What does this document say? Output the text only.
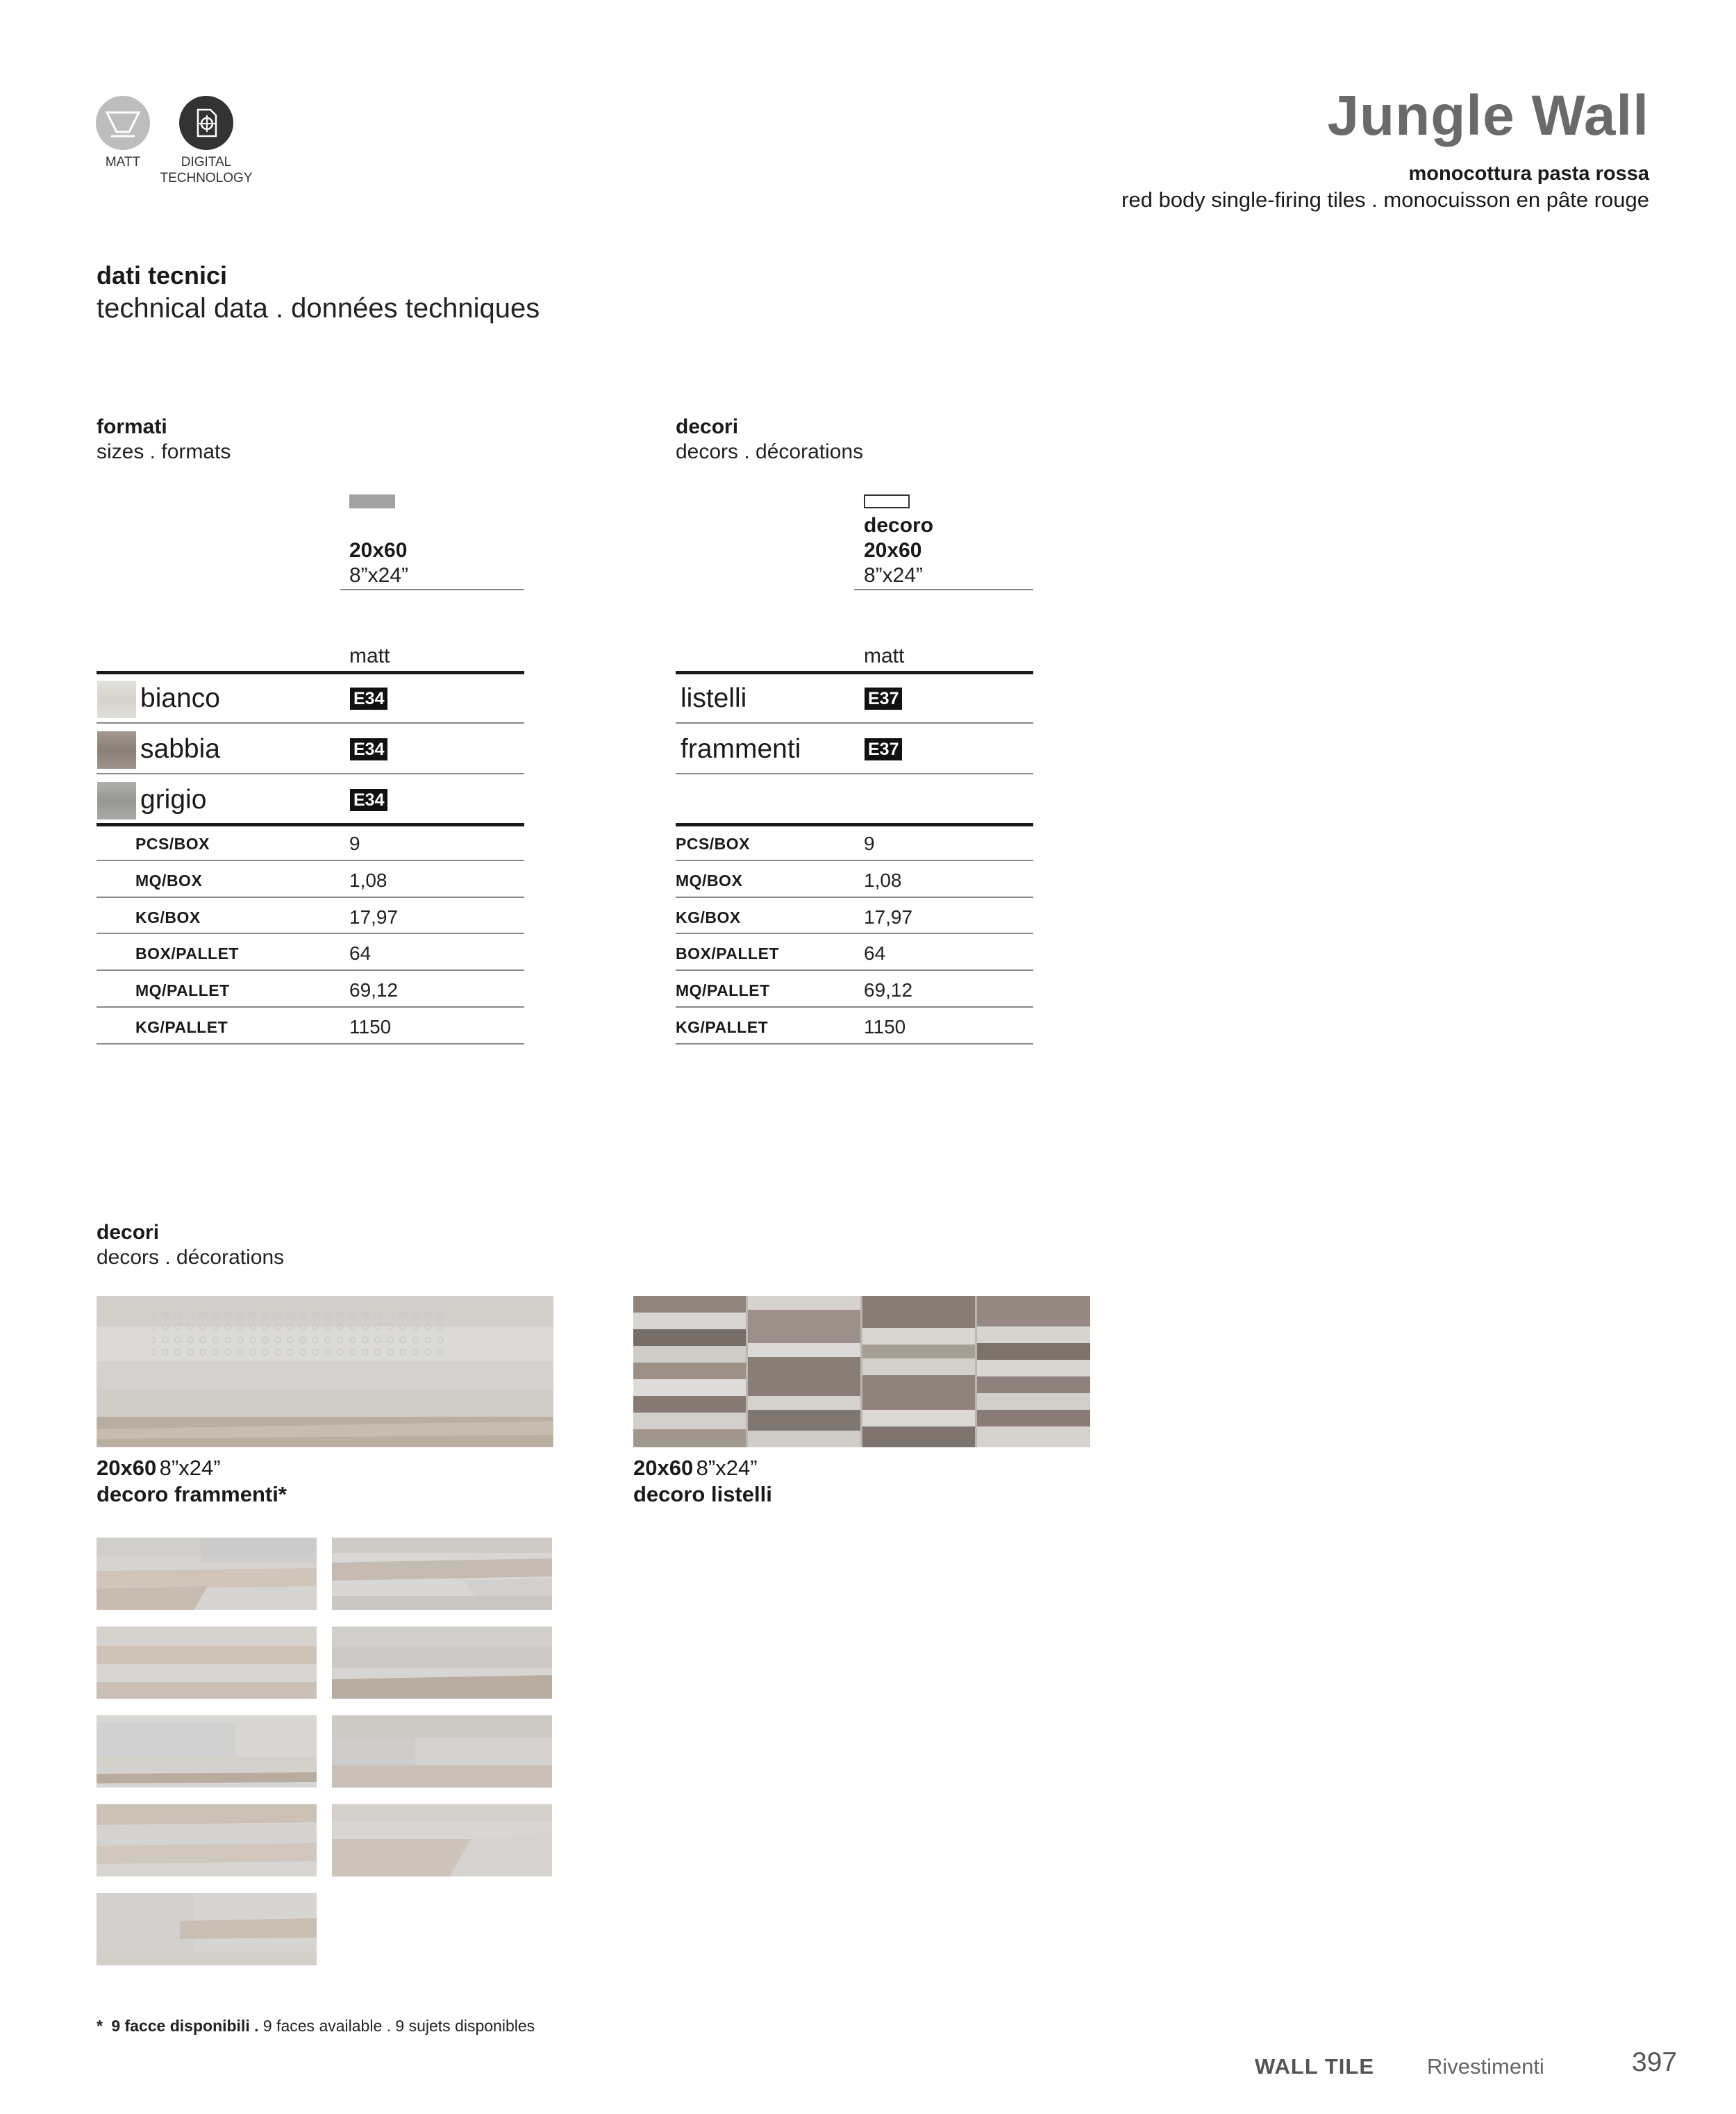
MATT	DIGITAL
TECHNOLOGY
Jungle Wall
monocottura pasta rossa
red body single-firing tiles . monocuisson en pâte rouge
dati tecnici
technical data . données techniques
formati
sizes . formats
20x60
8”x24”
matt
bianco	E34
sabbia	E34
grigio	E34
PCS/BOX	9
MQ/BOX	1,08
KG/BOX	17,97
BOX/PALLET	64
MQ/PALLET	69,12
KG/PALLET	1150
decori
decors . décorations
decoro
20x60
8”x24”
matt
listelli	E37
frammenti	E37
PCS/BOX	9
MQ/BOX	1,08
KG/BOX	17,97
BOX/PALLET	64
MQ/PALLET	69,12
KG/PALLET	1150
decori
decors . décorations
20x60 8”x24”
decoro frammenti*
20x60 8”x24”
decoro listelli
* 9 facce disponibili . 9 faces available . 9 sujets disponibles
WALL TILE Rivestimenti	397
